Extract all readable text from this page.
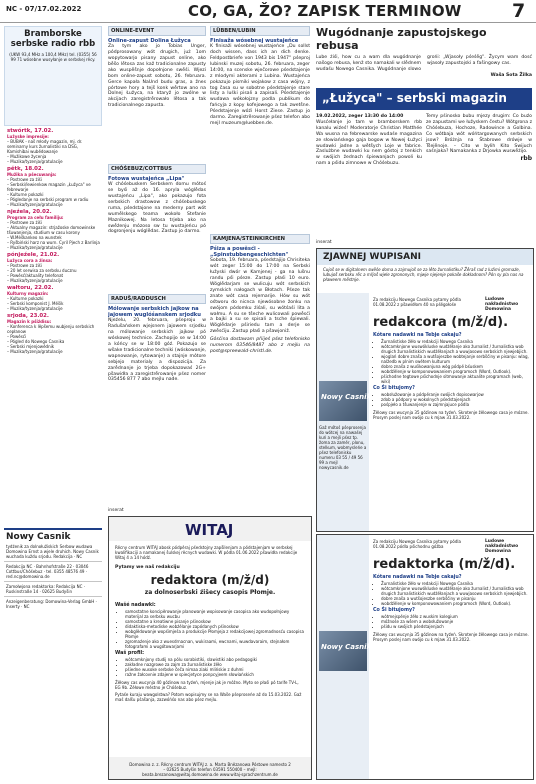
NC - 07/17.02.2022	CO, GA, ŽO? ZAPISK TERMINOW	7
Bramborske serbske radio rbb
(UKW 93,4 MHz a 100,4 MHz) tel. (0355) 56 99 71 wósebne wusyłanje w serbskej rěcy.
stwórtk, 17.02.
Lužyske impresije:
– BUBAK - naš młody magazin, mj. dr. seminarny kurs žurnalistiki na DSG, Kamishibai wubědowanje
– Mužikowe žycenja
– Muzika/tyzenja/gratulacije
pětk, 18.02.
Mužika a pśecuwanja:
– Postrowe za źiśi
– Serbski/lewienkow magazin „Łužyca" ve febrewarje
– Kulturne pokazki
– Pógledanje na serbski program w radiu
– Muzika/tyzenja/gratulacije
njeźela, 20.02.
Program za cełu familiju:
– Postrowe za źiśi
– Aktualny magazin: strjažoske domowinske tšuwanjenja, studium w casu korony
– W.Mėškankeo na wunstek
– Ryšbiński harz na wurn. Cyril Pjech z Barlinja
– Muzika/tyzenja/gratulacije
pónjeźele, 21.02.
Lužyca cora a źinsa:
– Postrowe za źiśi
– 20 let serwisa za serbsku ducznu
– Powěsć/aktuality telefonat
– Muzika/tyzenja/gratulacije
wałtoru, 22.02.
Kulturny magazin:
– Kulturne pokazki
– Serbski komponist J. Měšik
– Muzika/tyzenja/gratulacije
srjoda, 23.02.
Magazin k pśiźdisu:
– Konferenca k lěpšemu wubjenju serbskich cepłanow
– Powěsći
– Pógled do Nowego Casnika
– Serbski mjenjowědnik
– Muzika/tyzenja/gratulacije
Nowy Casnik
tydźenik za dolnołužiskich Serbow wudawa Domowina Ernst a wjele druhich. Nowy Casnik wuchada kuždu srjodu. Redakcija · NC
Redakcija NC · Bahnhofstraße 22 · 03046 Cottbus/Chóśebuz · tel. 0355 48576 49 · red.nc@domowina.de
Zamołwjona redaktorka: Redakcija NC · Ruskinstraße 14 · 02625 Budyšin
Anzeigenberatung: Domowina-Verlag GmbH · Inserty · NC
ONLINE-EVENT
Online-zapust Dolina Łužyca
Za tym ako jo Tobias Unger, pódprosowany wót drugich, już 1om wopytowarjo pisany zapust online, ako běšo lětosa zas kaž tradicionalne zapusty ako wuspěšnje dopołnjone swěśi. Wjezi bom online-zapust sobotu, 26. februara. Gerce kapała NaUnd budu gras, a žnes pórtowe hory a tejš konk wěrtow ano na Dolnej Łužyca, na ktaryž jo zwólne w akcijach zaregistrěrowało lětosa a tak tradicionalnego zapusta.
CHÓŚEBUZ/COTTBUS
Fotowa wustajeńca „Lipa"
W chóśebuskem Serbskem domu mótoś se byśi až do 16. apryla wóglědas wustajeńcu „Lipa", ako pokazujo fota serbskich drastowow z chóśebuskego ruma, pśedstajone na mederny part wót wumělskego teama wokoło Stefanie Maznikowej. Na letosa trjeba ako na swěźenju mózoso sw tu wustajeńcu pó dogronjenju wóglědas. Zastup jo darmo.
RADUŠ/RADDUSCH
Mólowanje serbskich jajkow na jajowem wuglóśanskem srjodku
Njeźelu, 20. februara, pśeproju w Radušańskem wjejsnem jajowem srjodku na mólowanje serbskich jajkow pó wóskowej technice. Zachopijo se w 14:00 a kóńcy se w 18:00 góź. Pokazujo se wšake tradicionalne techniki (wóskowanje, wapnowanje, rytowanje) a stajnje mótore sebjejo materialy a dispozicija. Za zarědnanje jo trjeba dopokazowaś 2G+ pšawidła a zaregistrěrowanje pśez nomer 035456 877 7 abo mejlu nade.
LÜBBEN/LUBIN
Finisaža wósebnej wustajeńce
K finisaži wósebnej wustajeńce „Du sollst doch wissen, dass ich an dich denke. Feldpostbriefe von 1943 bis 1947" pśeproj lubinski muzej sobotu, 26. februara, zeger 14:00, na scenske wječorowe pśedstajenje z mlodymi akterami z Lubina. Wustajeńca pokazujo pismiki wojakow z casa wójny, z tog časa su w sobotne pśedstajenje stare listy a luśki pisali a zapisali. Pśedstajenje wudawa wókołojzny podla publikum do fańcyja z kopy kofejowego a tak zwetšne. Pśedstajenje wóźi Horst Ziese. Zastup jo darmo. Zaregistrěrowanje pśez telefon abo mejl muzeum@luebben.de.
KAMJENA/STEINKIRCHEN
Pśiza a powěsći - „Spinstubbengeschichten"
Sobota, 19. februara, pśedstajijo Chrisiteka wót zeger 15:00 do 17:00 na Serbski łužyski dwór w Kamjenej - ga na lušnu randu pśi pśeze. Zastup płaśi 10 euro. Wóglědarjam se wulicuju wót serbskich zymskich nałogach w Błotach. Pśeze tak znate wót casa rejemarije. Hów su wót ośtworu do nicnca njewósobne žonku na swójom pódomku źiśali, su wótśaśi lita a wałmu. A su se tšeche wulicowali powěsći a bajki a su se spisali a tsche śpiewali. Wóglědarje pśiriedu tam a derje se zwěsćiju. Zastup płaśi a pšawjoniž.
Gósćina dostawam přiijeś pśez telefonisko numerom 03546/8487 abo z mejlu na post@spreewald-christl.de.
inserat
WITAJ
Rěcny centrum WITAJ abosk pódpěraj pśedstojny zapšilenjam a pódstajenjam w serbskej kwalifikaciji a namakanej šulskej rěcnych wudawki. W pódla 01.06.2022 pšawidła redakcije Witaj 4 a 14 hódź.
Pytamy we naš redakciju
redaktora (m/ž/d)
za dolnoserbski źišecy casopis Płomje.
Wašé nadawki:
• samostatne koncipěrowanje planowanje wopisowanje casopisa ako wudopołnjowy materijal za serbsku wucbu
• samostatne a kreatiwne pisanje pśinoskow
• didaktiska-metodiske wobźělanje zapódanych pśinoskow
• wobglědowanje wopśimjeśa a produkcije Płomjeja z redakcijowej zgromadnosću casopisa Płomje
• zgromaźenje ako z wuesdrnacnan, wukiraami, ewcnami, wuwdavaraim, stejnałom fotografami a wugótowarjami
Waš profil:
• wótcamknjony studij na pólu sorabistiki, slawistiki abo pedagogiki
• zakładne nazgrowe za zajm za žurnalistiske źěło
• pśiedne wusoke serbske čeča nimaa ziaki mlińskie z duhmi
• ražne žałcovnie zdajene w spiecjetyce ponpcyjeem słowiańskich
Źěłowy cas wucynja 40 góźinow na tyźeń, mjenje jak je móžno. Myto se płaśi pó tarife TV-L, EG 9b. Zěłowe městno je Chóśebuz.
Pytaśe kuraju wawgolstwa? Potom wopisujmy se na Waše pśeproseńe až do 15.03.2022. Gaž maś dalšu pśašanja, zazwóńśo nas abo pśez mejlu.
Domowina z. z. Rěcny centrum WITAJ z. a. Marta Bnězanowa Póstowe namesto 2 – 02625 Budyšin telefon 03591 550400 – mejl: beata.brezanowa@witaj.domowina.de www.witaj-sprachzentrum.de
Wugódnanje zapustojskego rebusa
Lube źiśi, how cu a wam dla wugódnanje našogo rebusa, kenž sto namakali w slědnem wudaśu Nowego Casnika. Wugódnanje slowo grońi: „Wjasoły pśeśěg". Žycym wam dosć wjasoły zapustojski a fašingowy cas.
Waša Sota Žilka
„Łužyca" – serbski magazin
19.02.2022, zeger 13:30 do 14:00
Wusćełanje jo tam w bramborskem rbb kanalu wiźeś! Moderatorje Christian Matthée Wa wusna na febrewarske wudaśe magazina ze słowiańskego gaja bogow w Nowej Łužyci wudawki jadne a wětšych Loje w fabrice. Zaslużbne wudawki ku nem góstoj z tenkich w swójich žednach śpiewanjach powoli ku nam a pśidu zimnowe w Chóśebuzu.
Temy pśinosko bubu mjezy drugim: Co buźo ze zapustami we łužyskem čestu? Wótgrona z Chóśebuza, Hochozе, Radowince a Golbina. Co wótbaja wót wóńtargowanych serbskich jsow? Bróżnja na Štabrowe drówje w Tšejěnoje. – Cito w bylih Kito Swijuch saśnjaka? Namakanka z Drjowka wuswěźijo.
rbb
inserat
ZJAWNEJ WUPISANI
Cujoš se w digitalnem swěśe doma a zajmujoš se za lěto žurnalistiku? Žěraš rad z luźimi gromaźe, lubujoš serbsku rěc a mřjoš wjele zgrononych, mjwje njejenje pokaše dokładnom? Pón sy pla nas na pławeem městnje.
Nowy Casnik
Gaž mótoś pśeprosenja do wótcej na nawaśej kuń a mejli pśez tp. žoma za zaměr, plonu, stelkum, wobmysleńe a pśez telefonisku numeru 03 55 / 49 56 99 a mejl nowycasnik.de
Za redakciju Nowego Casnika pytamy pódla 01.08.2022 z pšawidłom 40 na pśěgołośe
Ludowe nakładnistwo Domowina
redakcora (m/ž/d).
Kótare nadawki na Tebje cakaju?
• Žurnalistiske žěło w redakciji Nowego Casnika
• wótcamknjone wuswókluske wudźěłanje ako žurnalist / žurnalistka wob drugich žurnalistiskich wudźěłanjach a wuwjasowo serbskich njewjebjich.
• wjoglań dobre znaša a wutšojeszbe wobtejanje serbšćiny w pisanju: wlag, nalžedb w plnim swětem kulturum
• dobro znaša z wuśikowanjuna wóg pódpě bśuskem
• wobdźělenje w komponowowaniem programoch (Word, Outlook).
• pśichodne tegtowe pśichodnje sitmowanje aktualite programach (web, wiki)
Co Śi bitujomy?
• wobsłužowanje a pódpěranje swójich dopisowarjow
• zdob a pódpory w wokolnych pśedstajenjach
• pośpjeło a tšuwanjenje w zajmnjajuce pódla
Żělowy cas wucynja 35 góźinow na tyźeń. Skrotenje žělowego casa je mózne. Prosym poslej nam swójo cu k mjaw 31.03.2022.
Nowy Casnik
Za redakciju Nowego Casnika pytamy pódla 01.08.2022 pódla pśichodnu góźba
Ludowe nakładnistwo Domowina
redaktorka (m/ž/d).
Kótare nadawki na Tebje cakaju?
• Žurnalistiske žěło w redakciji Nowego Casnika
• wótcamknjone wuswókluske wudźěłanje ako žurnalist / žurnalistka wob drugich žurnalistiskich wudźěłanjach a wuwjasowo serbskich njewjebjich.
• dobre znaša a wutšojeszbe serbšćiny w pisanju
• wobdźělenje w komponowowaniem programoch (Word, Outlook).
Co Śi bitujomy?
• wótmejspěnje źěło z wuskim kolegium
• móžnośe za wšem a wobsłužowanje
• pśidu w swójich pśedstajenjach
Żělowy cas wucynja 35 góźinow na tyźeń. Skrotenje žělowego casa je mózne. Prosym poslej nam swójo cu k mjaw 31.03.2022.
